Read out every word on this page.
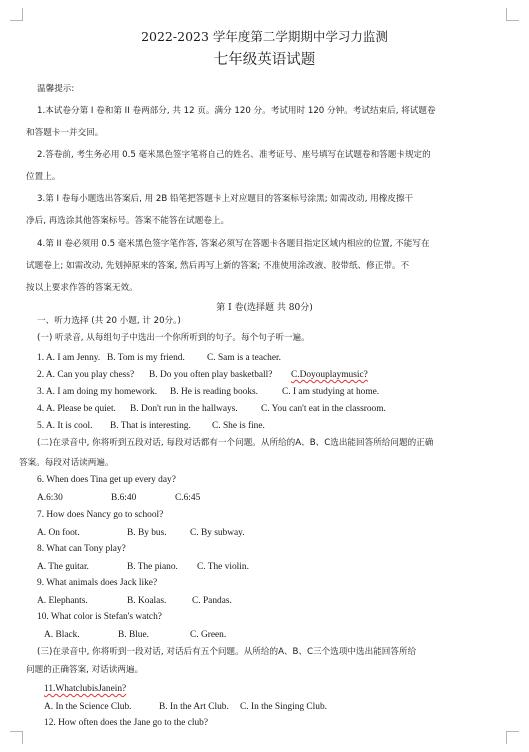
2022-2023 学年度第二学期期中学习力监测
七年级英语试题
温馨提示:
1.本试卷分第 I 卷和第 II 卷两部分, 共 12 页。满分 120 分。考试用时 120 分钟。考试结束后, 将试题卷
和答题卡一并交回。
2.答卷前, 考生务必用 0.5 毫米黑色签字笔将自己的姓名、准考证号、座号填写在试题卷和答题卡规定的
位置上。
3.第 I 卷每小题选出答案后, 用 2B 铅笔把答题卡上对应题目的答案标号涂黑; 如需改动, 用橡皮擦干
净后, 再选涂其他答案标号。答案不能答在试题卷上。
4.第 II 卷必须用 0.5 毫米黑色签字笔作答, 答案必须写在答题卡各题目指定区域内相应的位置, 不能写在
试题卷上; 如需改动, 先划掉原来的答案, 然后再写上新的答案; 不准使用涂改液、胶带纸、修正带。不
按以上要求作答的答案无效。
第 I 卷(选择题 共 80分)
一、听力选择 (共 20 小题, 计 20分。)
(一) 听录音, 从每组句子中选出一个你所听到的句子。每个句子听一遍。
1. A. I am Jenny. B. Tom is my friend. C. Sam is a teacher.
2. A. Can you play chess? B. Do you often play basketball? C.Doyouplaymusic?
3. A. I am doing my homework. B. He is reading books.	C. I am studying at home.
4. A. Please be quiet. B. Don't run in the hallways. C. You can't eat in the classroom.
5. A. It is cool. B. That is interesting. C. She is fine.
(二)在录音中, 你将听到五段对话, 每段对话都有一个问题。从所给的A、B、C选出能回答所给问题的正确
答案。每段对话读两遍。
6. When does Tina get up every day?
A.6:30	B.6:40	C.6:45
7. How does Nancy go to school?
A. On foot.	B. By bus. C. By subway.
8. What can Tony play?
A. The guitar.	B. The piano. C. The violin.
9. What animals does Jack like?
A. Elephants.	B. Koalas.	C. Pandas.
10. What color is Stefan's watch?
A. Black.	B. Blue.	C. Green.
(三)在录音中, 你将听到一段对话, 对话后有五个问题。从所给的A、B、C三个选项中选出能回答所给
问题的正确答案, 对话读两遍。
11.WhatclubisJanein?
A. In the Science Club.	B. In the Art Club. C. In the Singing Club.
12. How often does the Jane go to the club?
